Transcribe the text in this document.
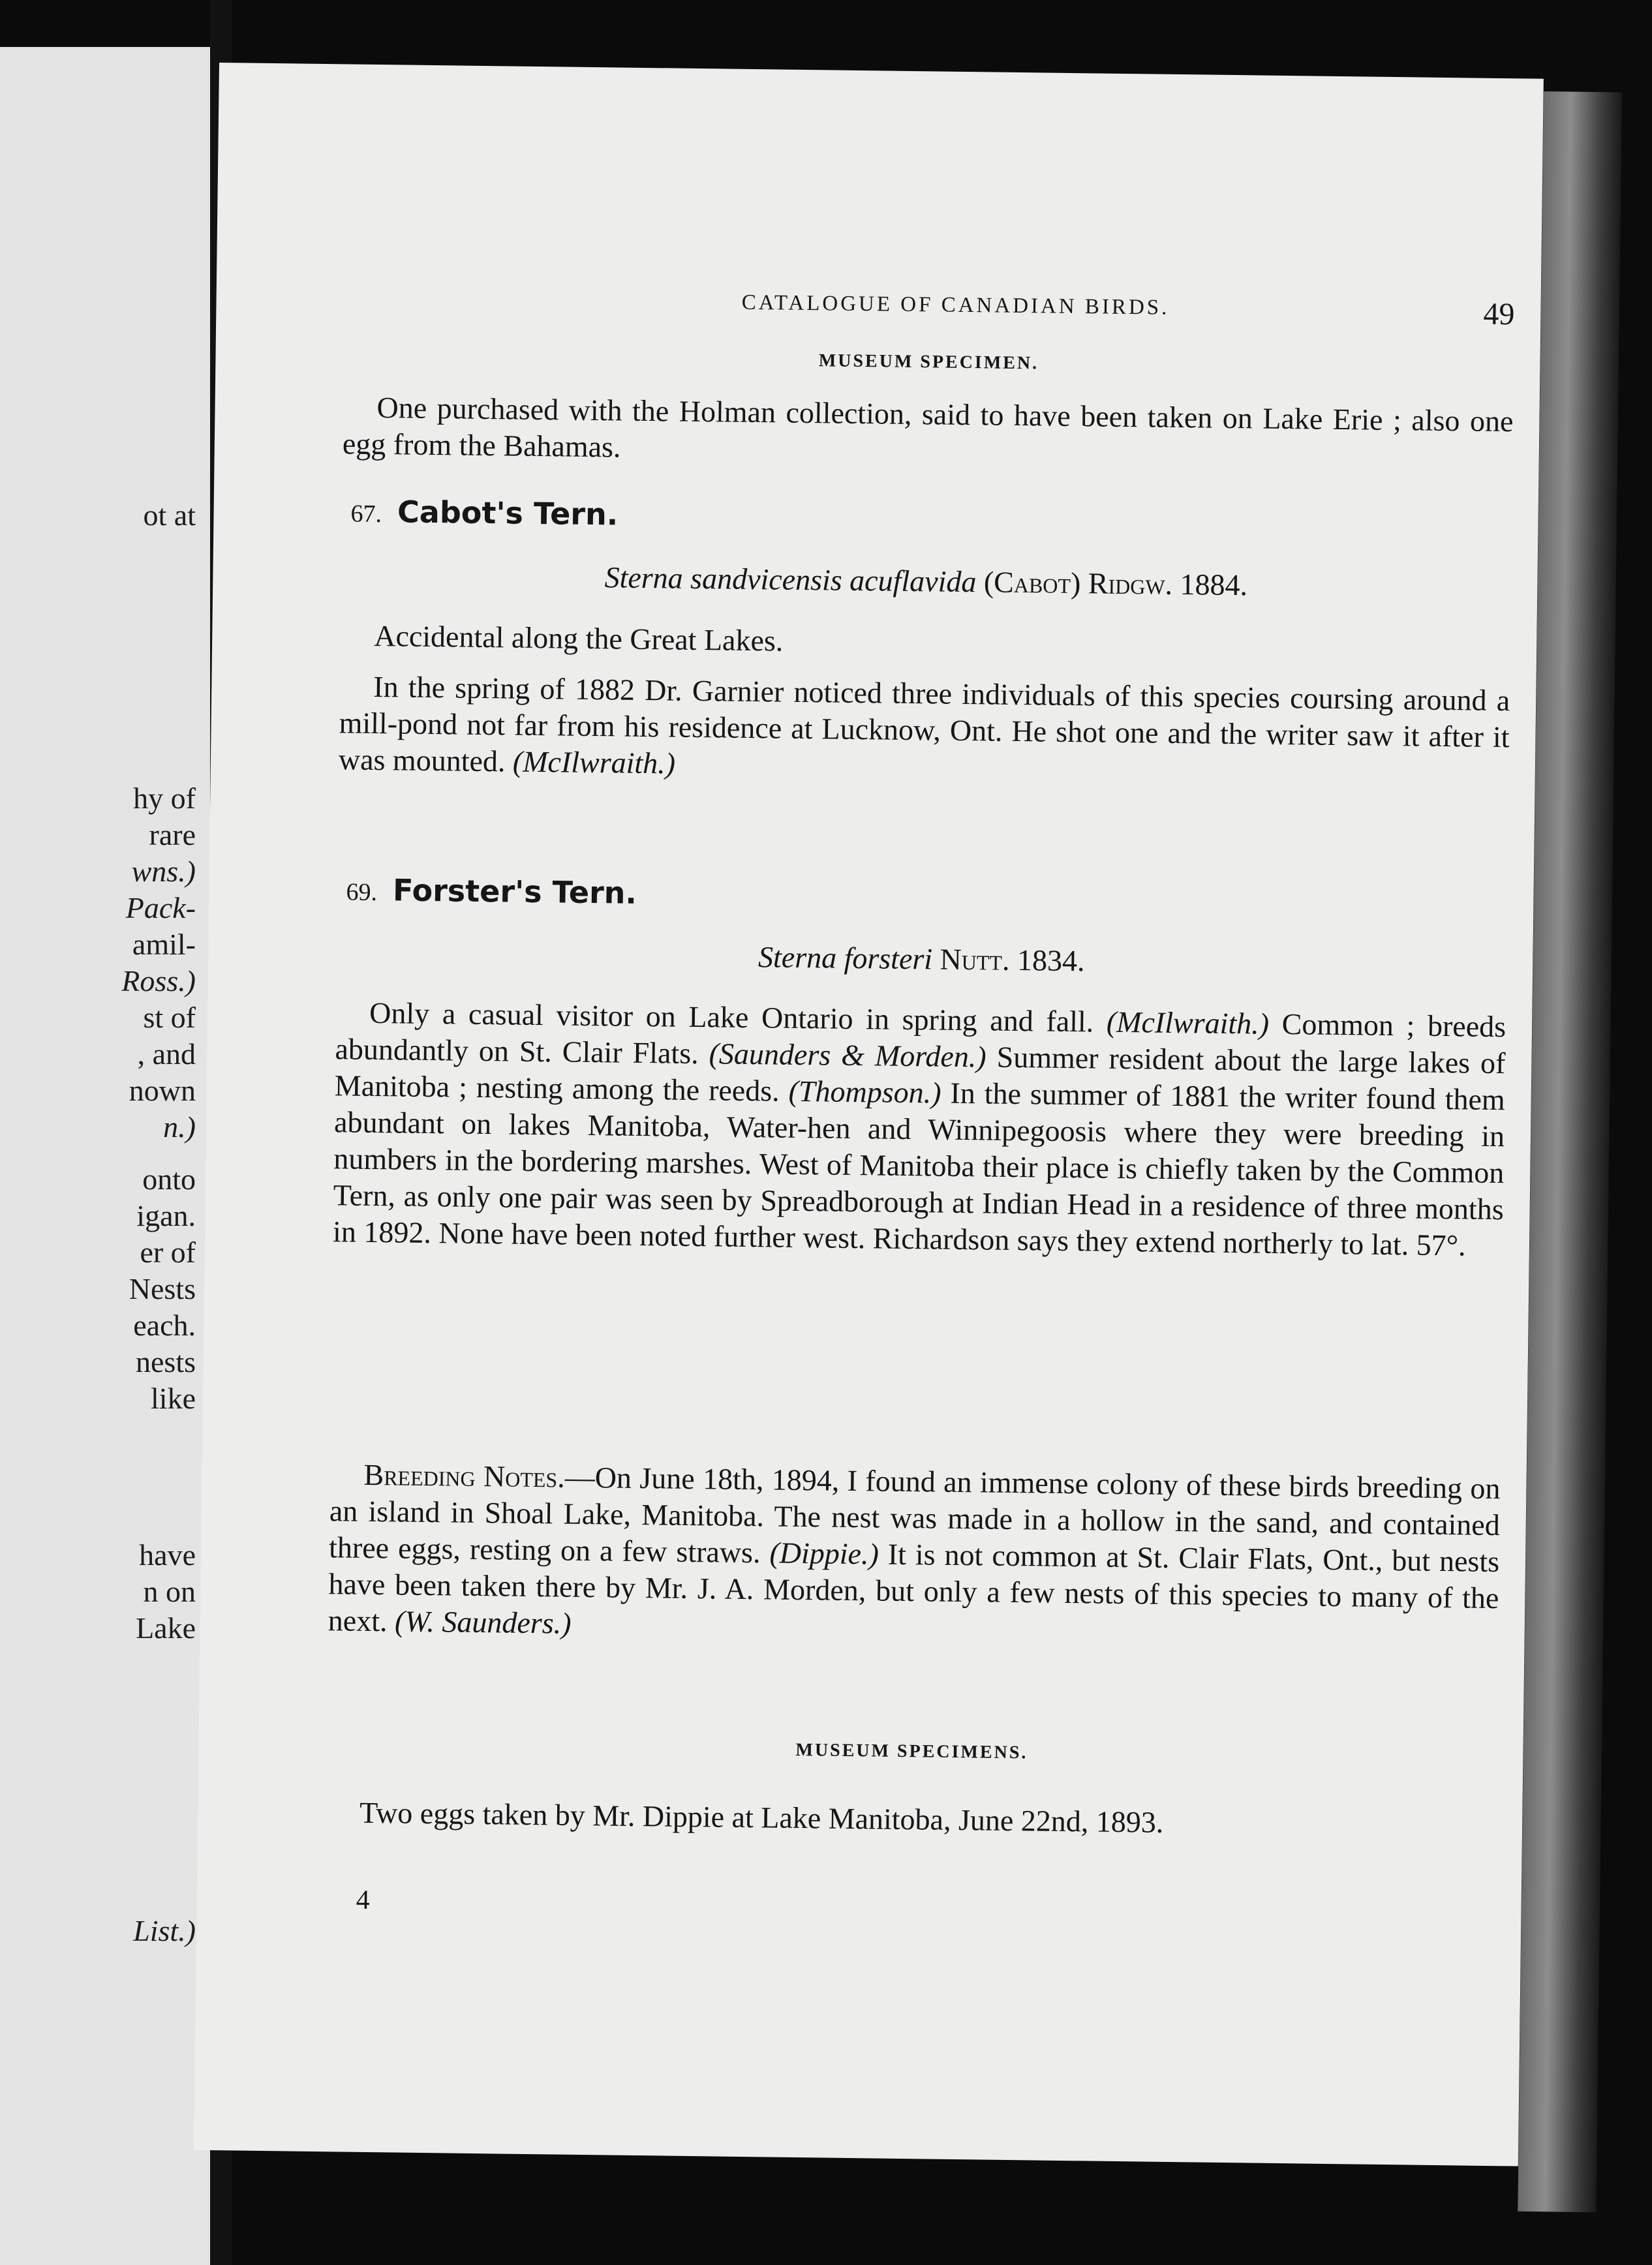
ot at
hy of
rare
wns.)
Pack-
amil-
Ross.)
st of
, and
nown
n.)
onto
igan.
er of
Nests
each.
nests
like
have
n on
Lake
List.)
CATALOGUE OF CANADIAN BIRDS.	49
MUSEUM SPECIMEN.
One purchased with the Holman collection, said to have been taken on Lake Erie ; also one egg from the Bahamas.
67. Cabot's Tern.
Sterna sandvicensis acuflavida (Cabot) Ridgw. 1884.
Accidental along the Great Lakes.
In the spring of 1882 Dr. Garnier noticed three individuals of this species coursing around a mill-pond not far from his residence at Lucknow, Ont. He shot one and the writer saw it after it was mounted. (McIlwraith.)
69. Forster's Tern.
Sterna forsteri Nutt. 1834.
Only a casual visitor on Lake Ontario in spring and fall. (McIlwraith.) Common ; breeds abundantly on St. Clair Flats. (Saunders & Morden.) Summer resident about the large lakes of Manitoba ; nesting among the reeds. (Thompson.) In the summer of 1881 the writer found them abundant on lakes Manitoba, Water-hen and Winnipegoosis where they were breeding in numbers in the bordering marshes. West of Manitoba their place is chiefly taken by the Common Tern, as only one pair was seen by Spreadborough at Indian Head in a residence of three months in 1892. None have been noted further west. Richardson says they extend northerly to lat. 57°.
Breeding Notes.—On June 18th, 1894, I found an immense colony of these birds breeding on an island in Shoal Lake, Manitoba. The nest was made in a hollow in the sand, and contained three eggs, resting on a few straws. (Dippie.) It is not common at St. Clair Flats, Ont., but nests have been taken there by Mr. J. A. Morden, but only a few nests of this species to many of the next. (W. Saunders.)
MUSEUM SPECIMENS.
Two eggs taken by Mr. Dippie at Lake Manitoba, June 22nd, 1893.
4
